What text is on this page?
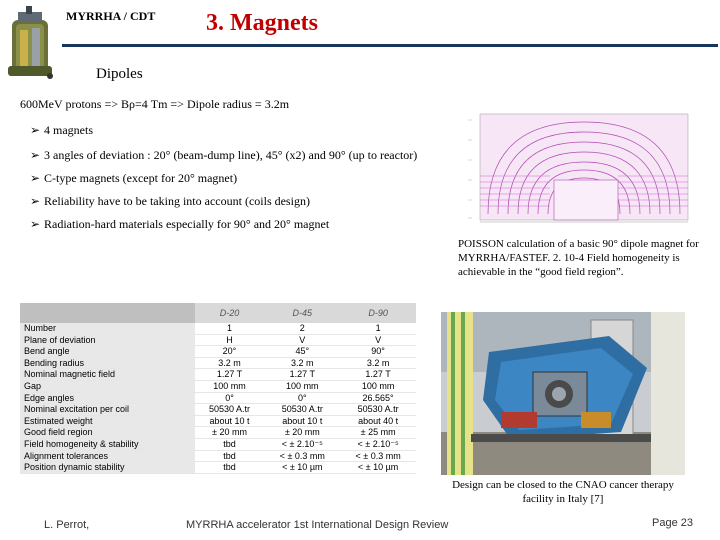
MYRRHA / CDT 3. Magnets
Dipoles
600MeV protons => Bρ=4 Tm => Dipole radius = 3.2m
➢ 4 magnets
➢ 3 angles of deviation : 20° (beam-dump line), 45° (x2) and 90° (up to reactor)
➢ C-type magnets (except for 20° magnet)
➢ Reliability have to be taking into account (coils design)
➢ Radiation-hard materials especially for 90° and 20° magnet
POISSON calculation of a basic 90° dipole magnet for MYRRHA/FASTEF. 2. 10-4 Field homogeneity is achievable in the “good field region”.
	D-20	D-45	D-90
Number	1	2	1
Plane of deviation	H	V	V
Bend angle	20°	45°	90°
Bending radius	3.2 m	3.2 m	3.2 m
Nominal magnetic field	1.27 T	1.27 T	1.27 T
Gap	100 mm	100 mm	100 mm
Edge angles	0°	0°	26.565°
Nominal excitation per coil	50530 A.tr	50530 A.tr	50530 A.tr
Estimated weight	about 10 t	about 10 t	about 40 t
Good field region	± 20 mm	± 20 mm	± 25 mm
Field homogeneity & stability	tbd	< ± 2.10⁻⁵	< ± 2.10⁻⁵
Alignment tolerances	tbd	< ± 0.3 mm	< ± 0.3 mm
Position dynamic stability	tbd	< ± 10 µm	< ± 10 µm
Design can be closed to the CNAO cancer therapy facility in Italy [7]
L. Perrot,	MYRRHA accelerator 1st International Design Review	Page 23
